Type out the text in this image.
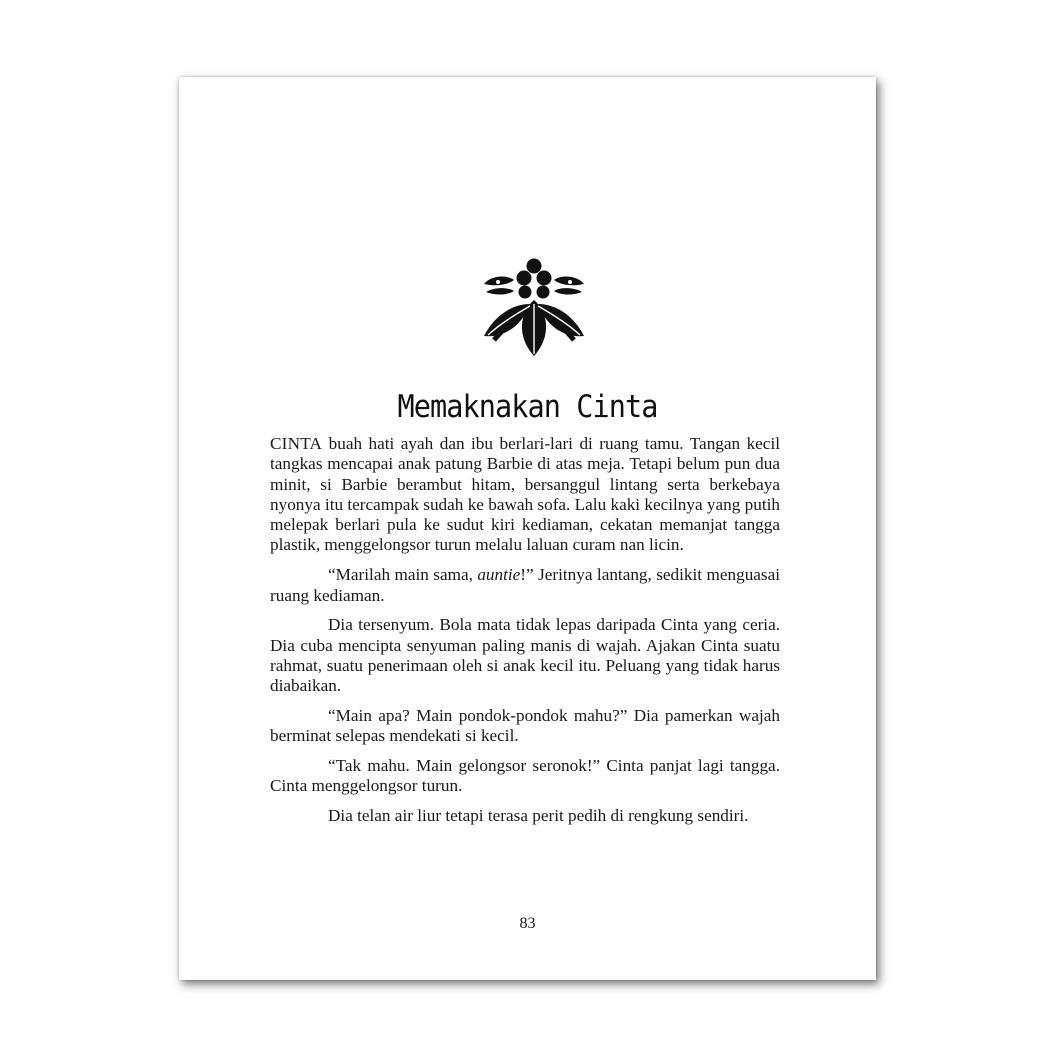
Memaknakan Cinta

CINTA buah hati ayah dan ibu berlari-lari di ruang tamu. Tangan kecil tangkas mencapai anak patung Barbie di atas meja. Tetapi belum pun dua minit, si Barbie berambut hitam, bersanggul lintang serta berkebaya nyonya itu tercampak sudah ke bawah sofa. Lalu kaki kecilnya yang putih melepak berlari pula ke sudut kiri kediaman, cekatan memanjat tangga plastik, menggelongsor turun melalu laluan curam nan licin.

“Marilah main sama, auntie!” Jeritnya lantang, sedikit menguasai ruang kediaman.

Dia tersenyum. Bola mata tidak lepas daripada Cinta yang ceria. Dia cuba mencipta senyuman paling manis di wajah. Ajakan Cinta suatu rahmat, suatu penerimaan oleh si anak kecil itu. Peluang yang tidak harus diabaikan.

“Main apa? Main pondok-pondok mahu?” Dia pamerkan wajah berminat selepas mendekati si kecil.

“Tak mahu. Main gelongsor seronok!” Cinta panjat lagi tangga. Cinta menggelongsor turun.

Dia telan air liur tetapi terasa perit pedih di rengkung sendiri.

83
